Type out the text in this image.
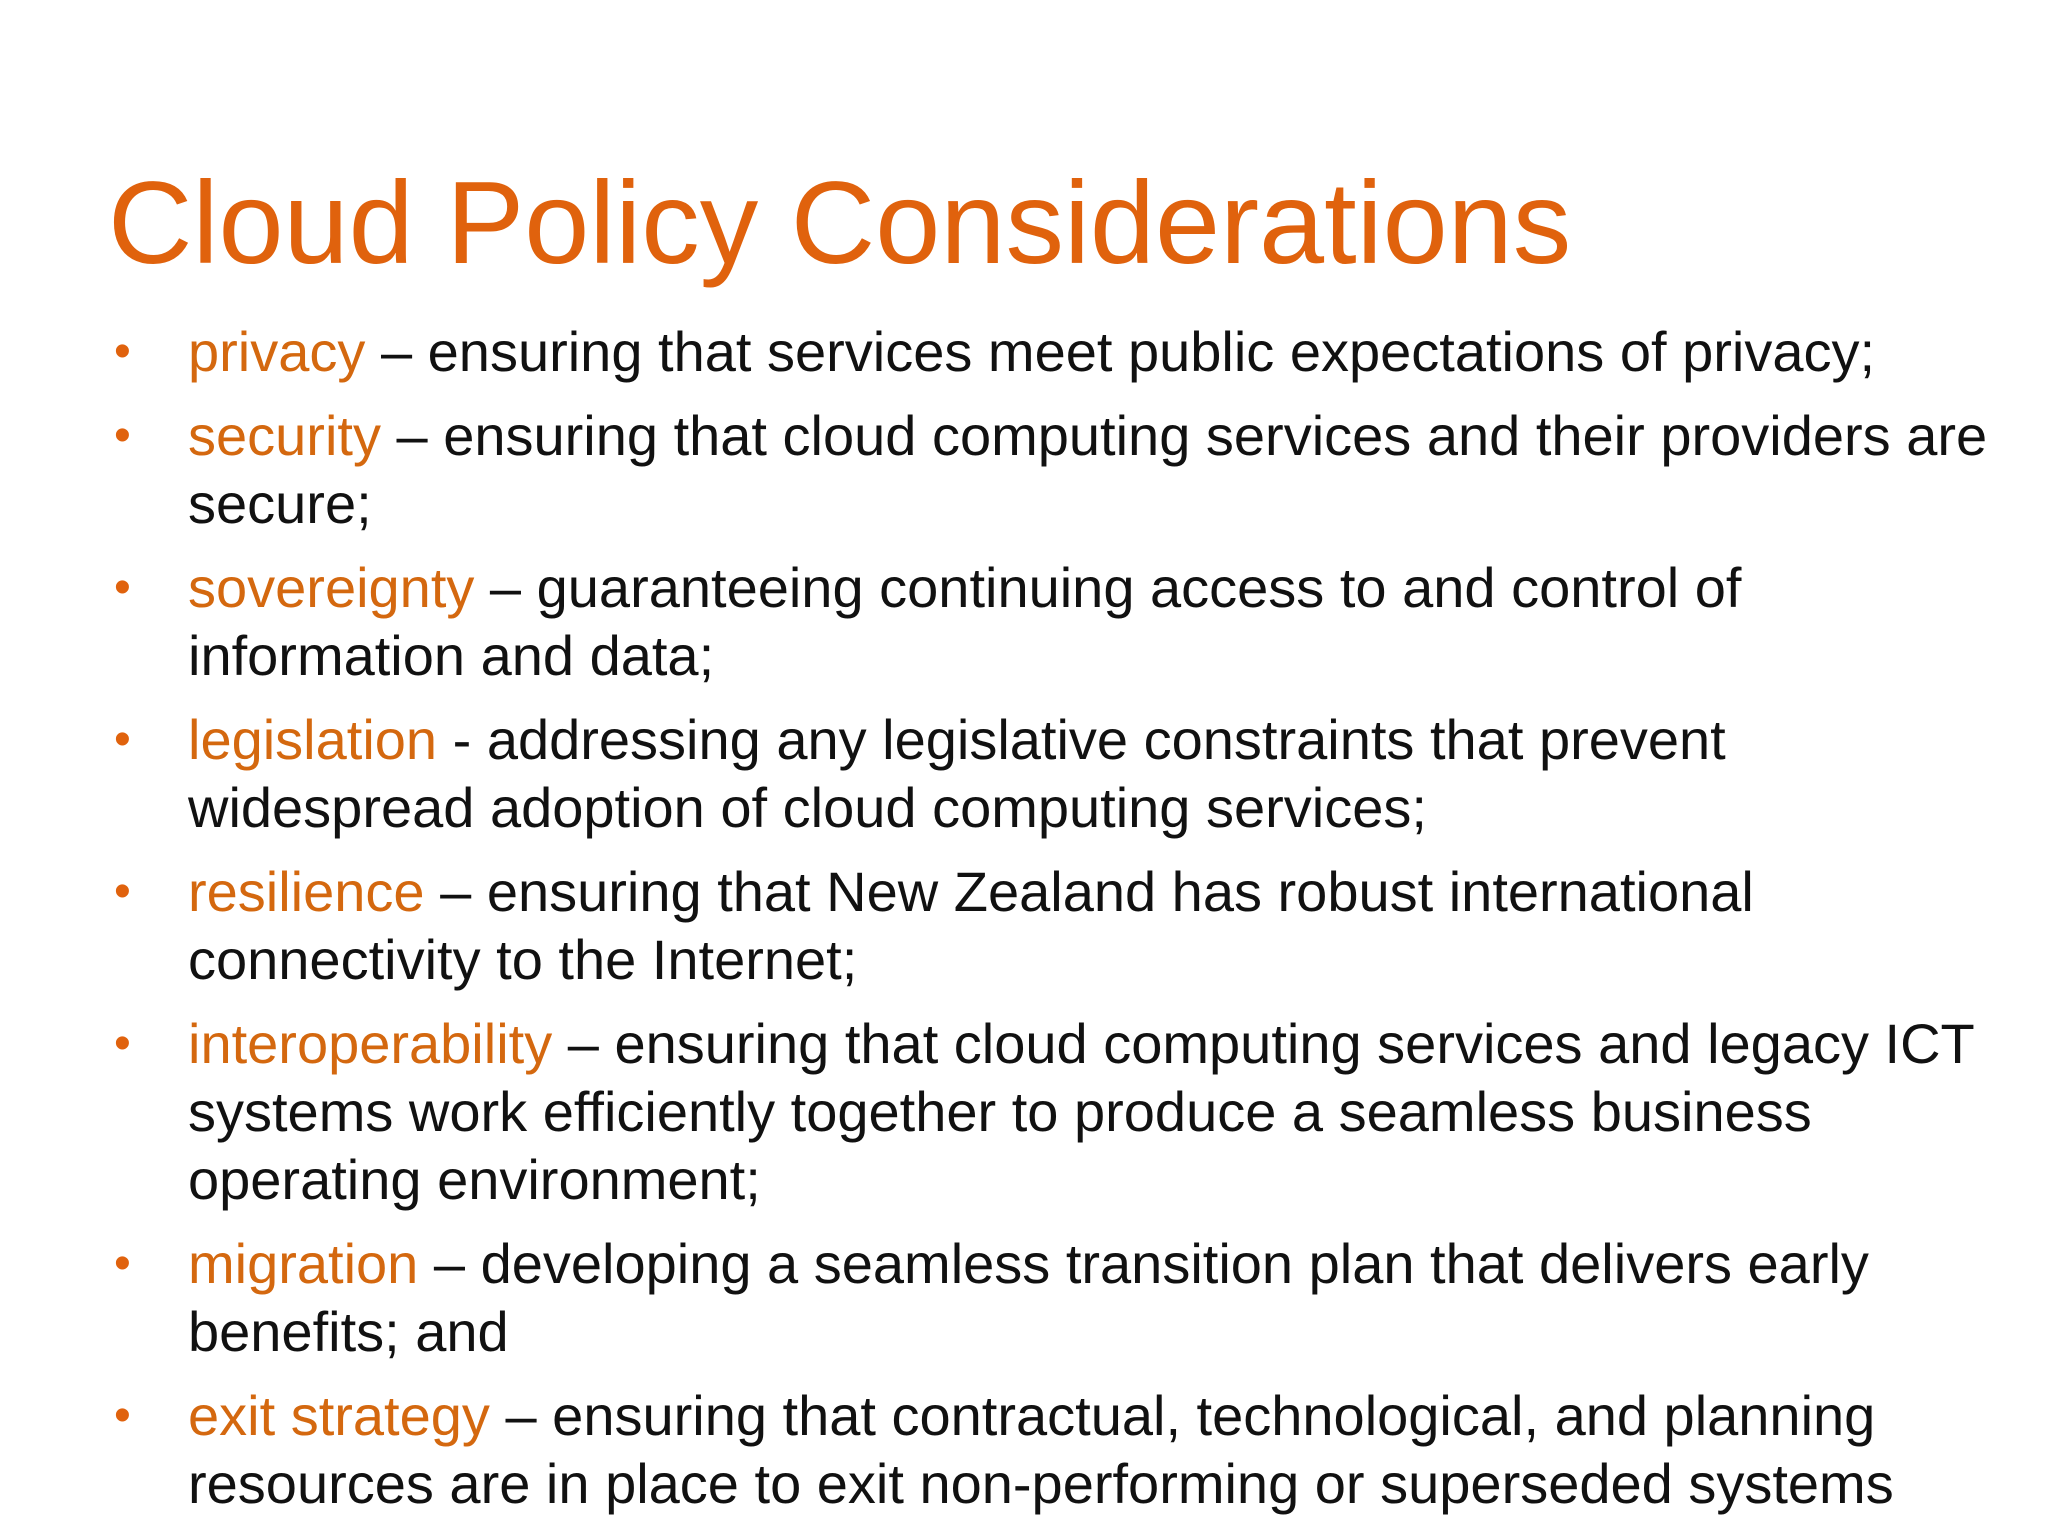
Cloud Policy Considerations
• privacy – ensuring that services meet public expectations of privacy;
• security – ensuring that cloud computing services and their providers are secure;
• sovereignty – guaranteeing continuing access to and control of information and data;
• legislation - addressing any legislative constraints that prevent widespread adoption of cloud computing services;
• resilience – ensuring that New Zealand has robust international connectivity to the Internet;
• interoperability – ensuring that cloud computing services and legacy ICT systems work efficiently together to produce a seamless business operating environment;
• migration – developing a seamless transition plan that delivers early benefits; and
• exit strategy – ensuring that contractual, technological, and planning resources are in place to exit non-performing or superseded systems
